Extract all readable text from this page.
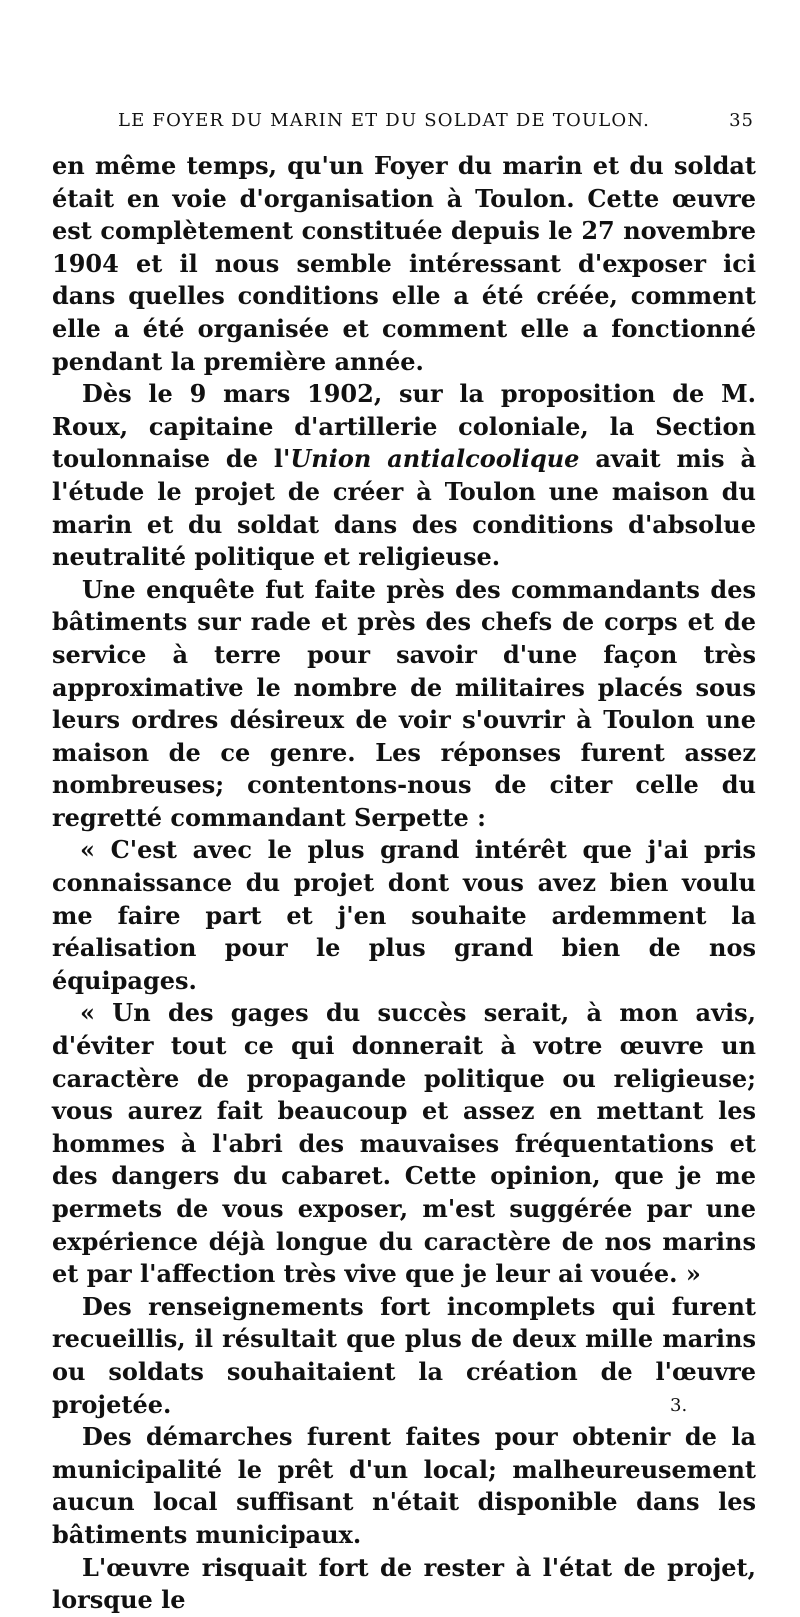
LE FOYER DU MARIN ET DU SOLDAT DE TOULON.	35

en même temps, qu'un Foyer du marin et du soldat était en voie d'organisation à Toulon. Cette œuvre est complètement constituée depuis le 27 novembre 1904 et il nous semble intéressant d'exposer ici dans quelles conditions elle a été créée, comment elle a été organisée et comment elle a fonctionné pendant la première année.

Dès le 9 mars 1902, sur la proposition de M. Roux, capitaine d'artillerie coloniale, la Section toulonnaise de l'Union antialcoolique avait mis à l'étude le projet de créer à Toulon une maison du marin et du soldat dans des conditions d'absolue neutralité politique et religieuse.

Une enquête fut faite près des commandants des bâtiments sur rade et près des chefs de corps et de service à terre pour savoir d'une façon très approximative le nombre de militaires placés sous leurs ordres désireux de voir s'ouvrir à Toulon une maison de ce genre. Les réponses furent assez nombreuses; contentons-nous de citer celle du regretté commandant Serpette :

« C'est avec le plus grand intérêt que j'ai pris connaissance du projet dont vous avez bien voulu me faire part et j'en souhaite ardemment la réalisation pour le plus grand bien de nos équipages.

« Un des gages du succès serait, à mon avis, d'éviter tout ce qui donnerait à votre œuvre un caractère de propagande politique ou religieuse; vous aurez fait beaucoup et assez en mettant les hommes à l'abri des mauvaises fréquentations et des dangers du cabaret. Cette opinion, que je me permets de vous exposer, m'est suggérée par une expérience déjà longue du caractère de nos marins et par l'affection très vive que je leur ai vouée. »

Des renseignements fort incomplets qui furent recueillis, il résultait que plus de deux mille marins ou soldats souhaitaient la création de l'œuvre projetée.

Des démarches furent faites pour obtenir de la municipalité le prêt d'un local; malheureusement aucun local suffisant n'était disponible dans les bâtiments municipaux.

L'œuvre risquait fort de rester à l'état de projet, lorsque le

3.
